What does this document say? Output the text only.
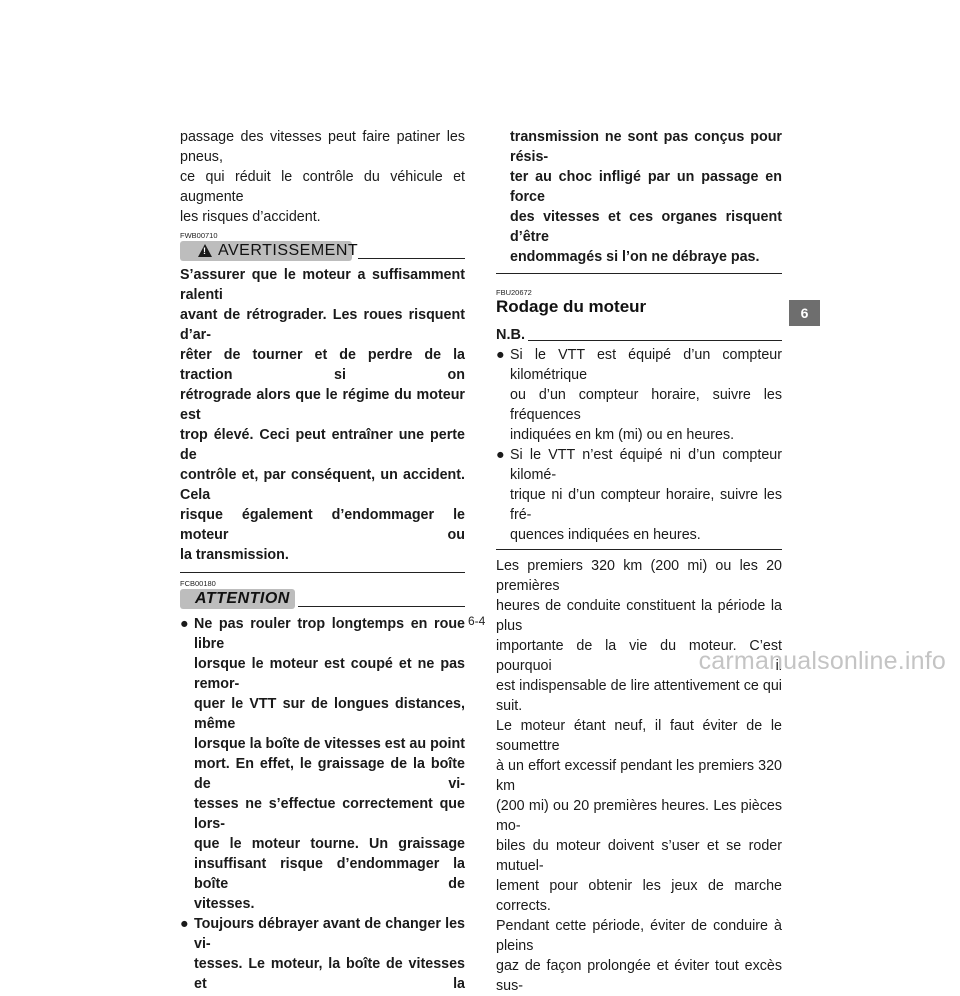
passage des vitesses peut faire patiner les pneus,
ce qui réduit le contrôle du véhicule et augmente
les risques d’accident.
FWB00710
!
AVERTISSEMENT
S’assurer que le moteur a suffisamment ralenti
avant de rétrograder. Les roues risquent d’ar-
rêter de tourner et de perdre de la traction si on
rétrograde alors que le régime du moteur est
trop élevé. Ceci peut entraîner une perte de
contrôle et, par conséquent, un accident. Cela
risque également d’endommager le moteur ou
la transmission.
FCB00180
ATTENTION
● Ne pas rouler trop longtemps en roue libre
lorsque le moteur est coupé et ne pas remor-
quer le VTT sur de longues distances, même
lorsque la boîte de vitesses est au point
mort. En effet, le graissage de la boîte de vi-
tesses ne s’effectue correctement que lors-
que le moteur tourne. Un graissage
insuffisant risque d’endommager la boîte de
vitesses.
● Toujours débrayer avant de changer les vi-
tesses. Le moteur, la boîte de vitesses et la
transmission ne sont pas conçus pour résis-
ter au choc infligé par un passage en force
des vitesses et ces organes risquent d’être
endommagés si l’on ne débraye pas.
FBU20672
Rodage du moteur
N.B.
● Si le VTT est équipé d’un compteur kilométrique
ou d’un compteur horaire, suivre les fréquences
indiquées en km (mi) ou en heures.
● Si le VTT n’est équipé ni d’un compteur kilomé-
trique ni d’un compteur horaire, suivre les fré-
quences indiquées en heures.
Les premiers 320 km (200 mi) ou les 20 premières
heures de conduite constituent la période la plus
importante de la vie du moteur. C’est pourquoi il
est indispensable de lire attentivement ce qui suit.
Le moteur étant neuf, il faut éviter de le soumettre
à un effort excessif pendant les premiers 320 km
(200 mi) ou 20 premières heures. Les pièces mo-
biles du moteur doivent s’user et se roder mutuel-
lement pour obtenir les jeux de marche corrects.
Pendant cette période, éviter de conduire à pleins
gaz de façon prolongée et éviter tout excès sus-
6-4
6
carmanualsonline.info
